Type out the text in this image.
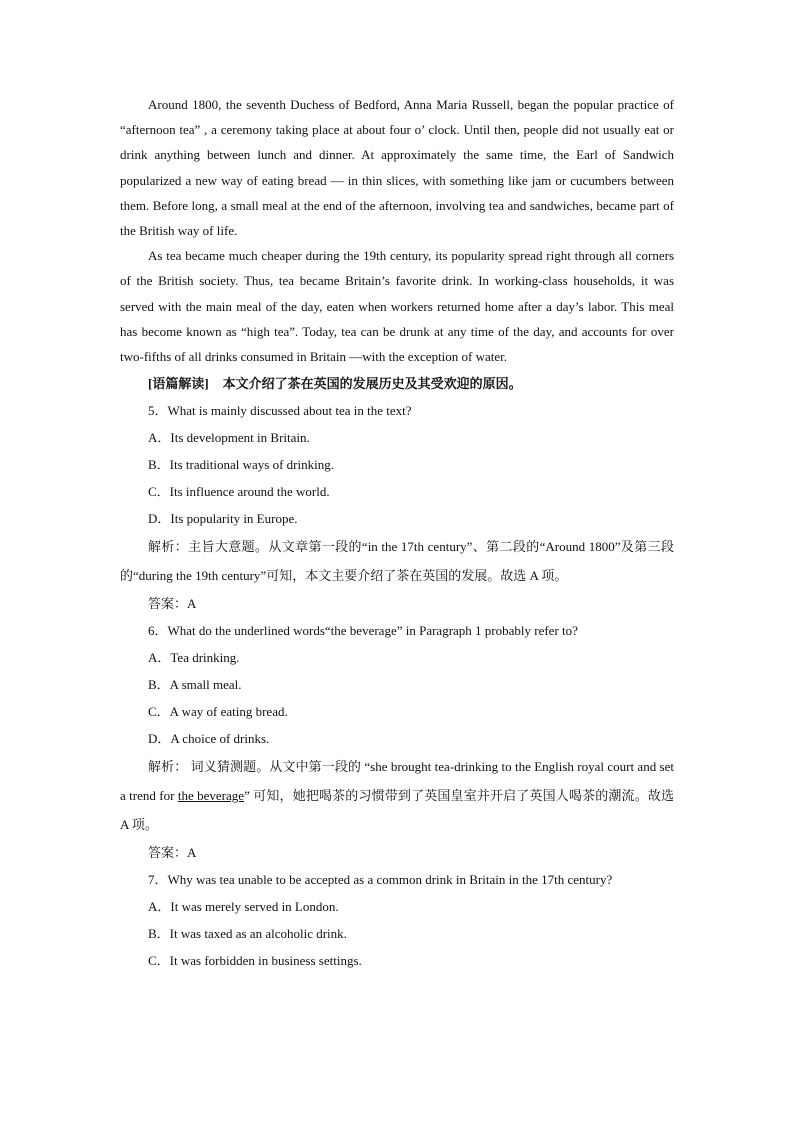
Around 1800, the seventh Duchess of Bedford, Anna Maria Russell, began the popular practice of “afternoon tea” , a ceremony taking place at about four o’ clock. Until then, people did not usually eat or drink anything between lunch and dinner. At approximately the same time, the Earl of Sandwich popularized a new way of eating bread — in thin slices, with something like jam or cucumbers between them. Before long, a small meal at the end of the afternoon, involving tea and sandwiches, became part of the British way of life.

As tea became much cheaper during the 19th century, its popularity spread right through all corners of the British society. Thus, tea became Britain’s favorite drink. In working-class households, it was served with the main meal of the day, eaten when workers returned home after a day’s labor. This meal has become known as “high tea”. Today, tea can be drunk at any time of the day, and accounts for over two-fifths of all drinks consumed in Britain —with the exception of water.

[语篇解读] 本文介绍了茶在英国的发展历史及其受欢迎的原因。

5．What is mainly discussed about tea in the text?

A．Its development in Britain.

B．Its traditional ways of drinking.

C．Its influence around the world.

D．Its popularity in Europe.

解析：主旨大意题。从文章第一段的“in the 17th century”、第二段的“Around 1800”及第三段的“during the 19th century”可知，本文主要介绍了茶在英国的发展。故选 A 项。

答案：A

6．What do the underlined words“the beverage” in Paragraph 1 probably refer to?

A．Tea drinking.

B．A small meal.

C．A way of eating bread.

D．A choice of drinks.

解析： 词义猜测题。从文中第一段的 “she brought tea-drinking to the English royal court and set a trend for the beverage” 可知，她把喝茶的习惯带到了英国皇室并开启了英国人喝茶的潮流。故选 A 项。

答案：A

7．Why was tea unable to be accepted as a common drink in Britain in the 17th century?

A．It was merely served in London.

B．It was taxed as an alcoholic drink.

C．It was forbidden in business settings.
